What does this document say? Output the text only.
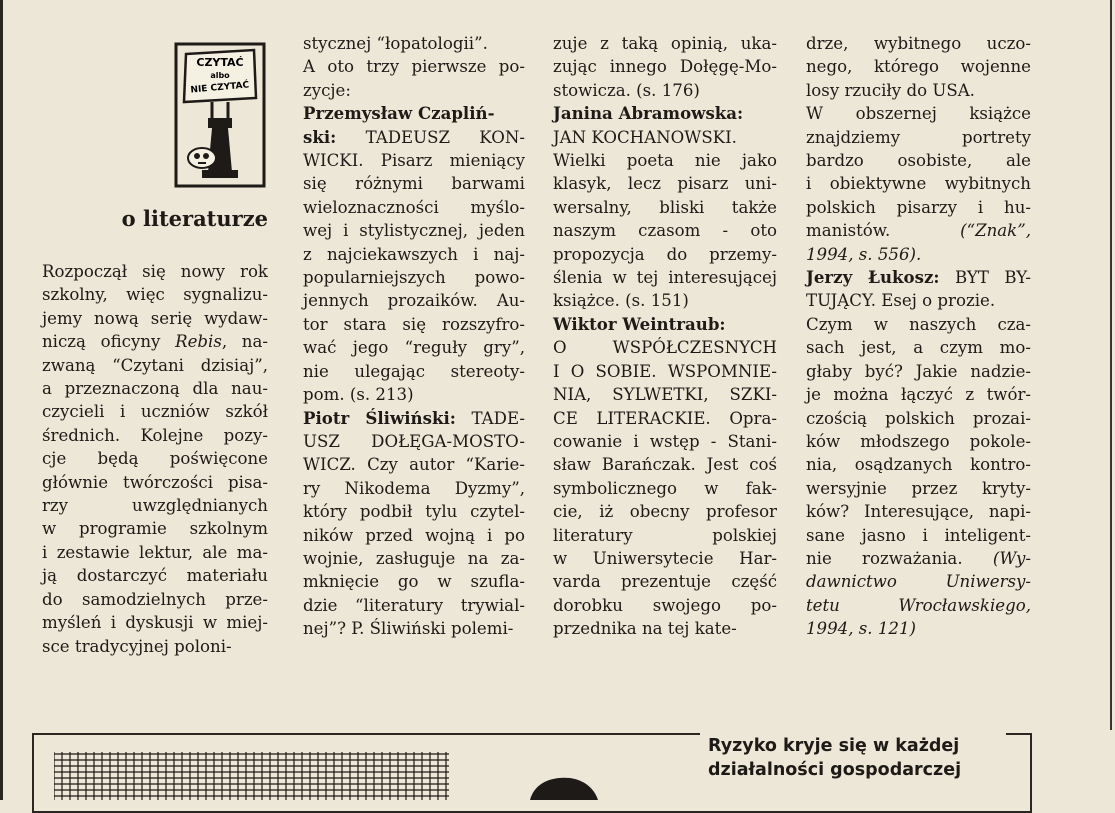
CZYTAĆ
albo
NIE CZYTAĆ
o literaturze
Rozpoczął się nowy rok
szkolny, więc sygnalizu-
jemy nową serię wydaw-
niczą oficyny Rebis, na-
zwaną “Czytani dzisiaj”,
a przeznaczoną dla nau-
czycieli i uczniów szkół
średnich. Kolejne pozy-
cje będą poświęcone
głównie twórczości pisa-
rzy uwzględnianych
w programie szkolnym
i zestawie lektur, ale ma-
ją dostarczyć materiału
do samodzielnych prze-
myśleń i dyskusji w miej-
sce tradycyjnej poloni-
stycznej “łopatologii”.
A oto trzy pierwsze po-
zycje:
Przemysław Czapliń-
ski: TADEUSZ KON-
WICKI. Pisarz mieniący
się różnymi barwami
wieloznaczności myślo-
wej i stylistycznej, jeden
z najciekawszych i naj-
popularniejszych powo-
jennych prozaików. Au-
tor stara się rozszyfro-
wać jego “reguły gry”,
nie ulegając stereoty-
pom. (s. 213)
Piotr Śliwiński: TADE-
USZ DOŁĘGA-MOSTO-
WICZ. Czy autor “Karie-
ry Nikodema Dyzmy”,
który podbił tylu czytel-
ników przed wojną i po
wojnie, zasługuje na za-
mknięcie go w szufla-
dzie “literatury trywial-
nej”? P. Śliwiński polemi-
zuje z taką opinią, uka-
zując innego Dołęgę-Mo-
stowicza. (s. 176)
Janina Abramowska:
JAN KOCHANOWSKI.
Wielki poeta nie jako
klasyk, lecz pisarz uni-
wersalny, bliski także
naszym czasom - oto
propozycja do przemy-
ślenia w tej interesującej
książce. (s. 151)
Wiktor Weintraub:
O WSPÓŁCZESNYCH
I O SOBIE. WSPOMNIE-
NIA, SYLWETKI, SZKI-
CE LITERACKIE. Opra-
cowanie i wstęp - Stani-
sław Barańczak. Jest coś
symbolicznego w fak-
cie, iż obecny profesor
literatury polskiej
w Uniwersytecie Har-
varda prezentuje część
dorobku swojego po-
przednika na tej kate-
drze, wybitnego uczo-
nego, którego wojenne
losy rzuciły do USA.
W obszernej książce
znajdziemy portrety
bardzo osobiste, ale
i obiektywne wybitnych
polskich pisarzy i hu-
manistów. (“Znak”,
1994, s. 556).
Jerzy Łukosz: BYT BY-
TUJĄCY. Esej o prozie.
Czym w naszych cza-
sach jest, a czym mo-
głaby być? Jakie nadzie-
je można łączyć z twór-
czością polskich prozai-
ków młodszego pokole-
nia, osądzanych kontro-
wersyjnie przez kryty-
ków? Interesujące, napi-
sane jasno i inteligent-
nie rozważania. (Wy-
dawnictwo Uniwersy-
tetu Wrocławskiego,
1994, s. 121)
Ryzyko kryje się w każdej
działalności gospodarczej
